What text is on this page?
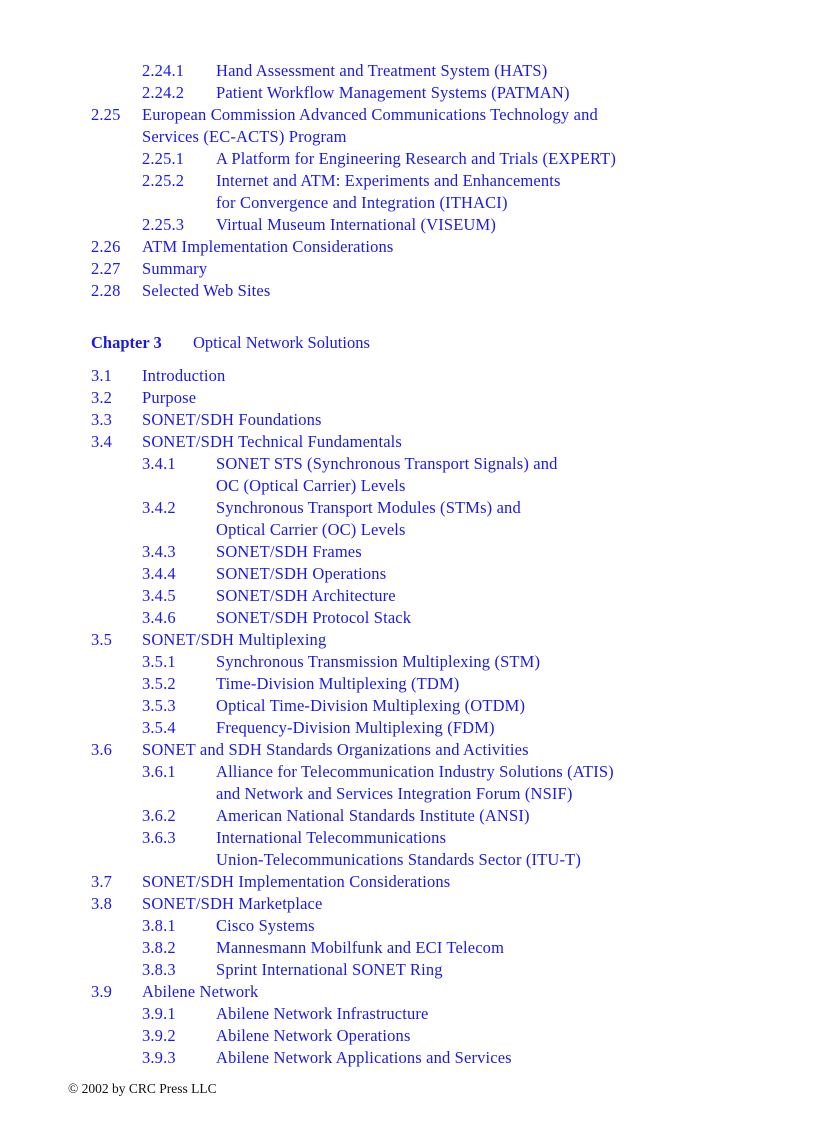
2.24.1 Hand Assessment and Treatment System (HATS)
2.24.2 Patient Workflow Management Systems (PATMAN)
2.25 European Commission Advanced Communications Technology and
Services (EC-ACTS) Program
2.25.1 A Platform for Engineering Research and Trials (EXPERT)
2.25.2 Internet and ATM: Experiments and Enhancements
for Convergence and Integration (ITHACI)
2.25.3 Virtual Museum International (VISEUM)
2.26 ATM Implementation Considerations
2.27 Summary
2.28 Selected Web Sites
Chapter 3 Optical Network Solutions
3.1 Introduction
3.2 Purpose
3.3 SONET/SDH Foundations
3.4 SONET/SDH Technical Fundamentals
3.4.1 SONET STS (Synchronous Transport Signals) and
OC (Optical Carrier) Levels
3.4.2 Synchronous Transport Modules (STMs) and
Optical Carrier (OC) Levels
3.4.3 SONET/SDH Frames
3.4.4 SONET/SDH Operations
3.4.5 SONET/SDH Architecture
3.4.6 SONET/SDH Protocol Stack
3.5 SONET/SDH Multiplexing
3.5.1 Synchronous Transmission Multiplexing (STM)
3.5.2 Time-Division Multiplexing (TDM)
3.5.3 Optical Time-Division Multiplexing (OTDM)
3.5.4 Frequency-Division Multiplexing (FDM)
3.6 SONET and SDH Standards Organizations and Activities
3.6.1 Alliance for Telecommunication Industry Solutions (ATIS)
and Network and Services Integration Forum (NSIF)
3.6.2 American National Standards Institute (ANSI)
3.6.3 International Telecommunications
Union-Telecommunications Standards Sector (ITU-T)
3.7 SONET/SDH Implementation Considerations
3.8 SONET/SDH Marketplace
3.8.1 Cisco Systems
3.8.2 Mannesmann Mobilfunk and ECI Telecom
3.8.3 Sprint International SONET Ring
3.9 Abilene Network
3.9.1 Abilene Network Infrastructure
3.9.2 Abilene Network Operations
3.9.3 Abilene Network Applications and Services
© 2002 by CRC Press LLC
